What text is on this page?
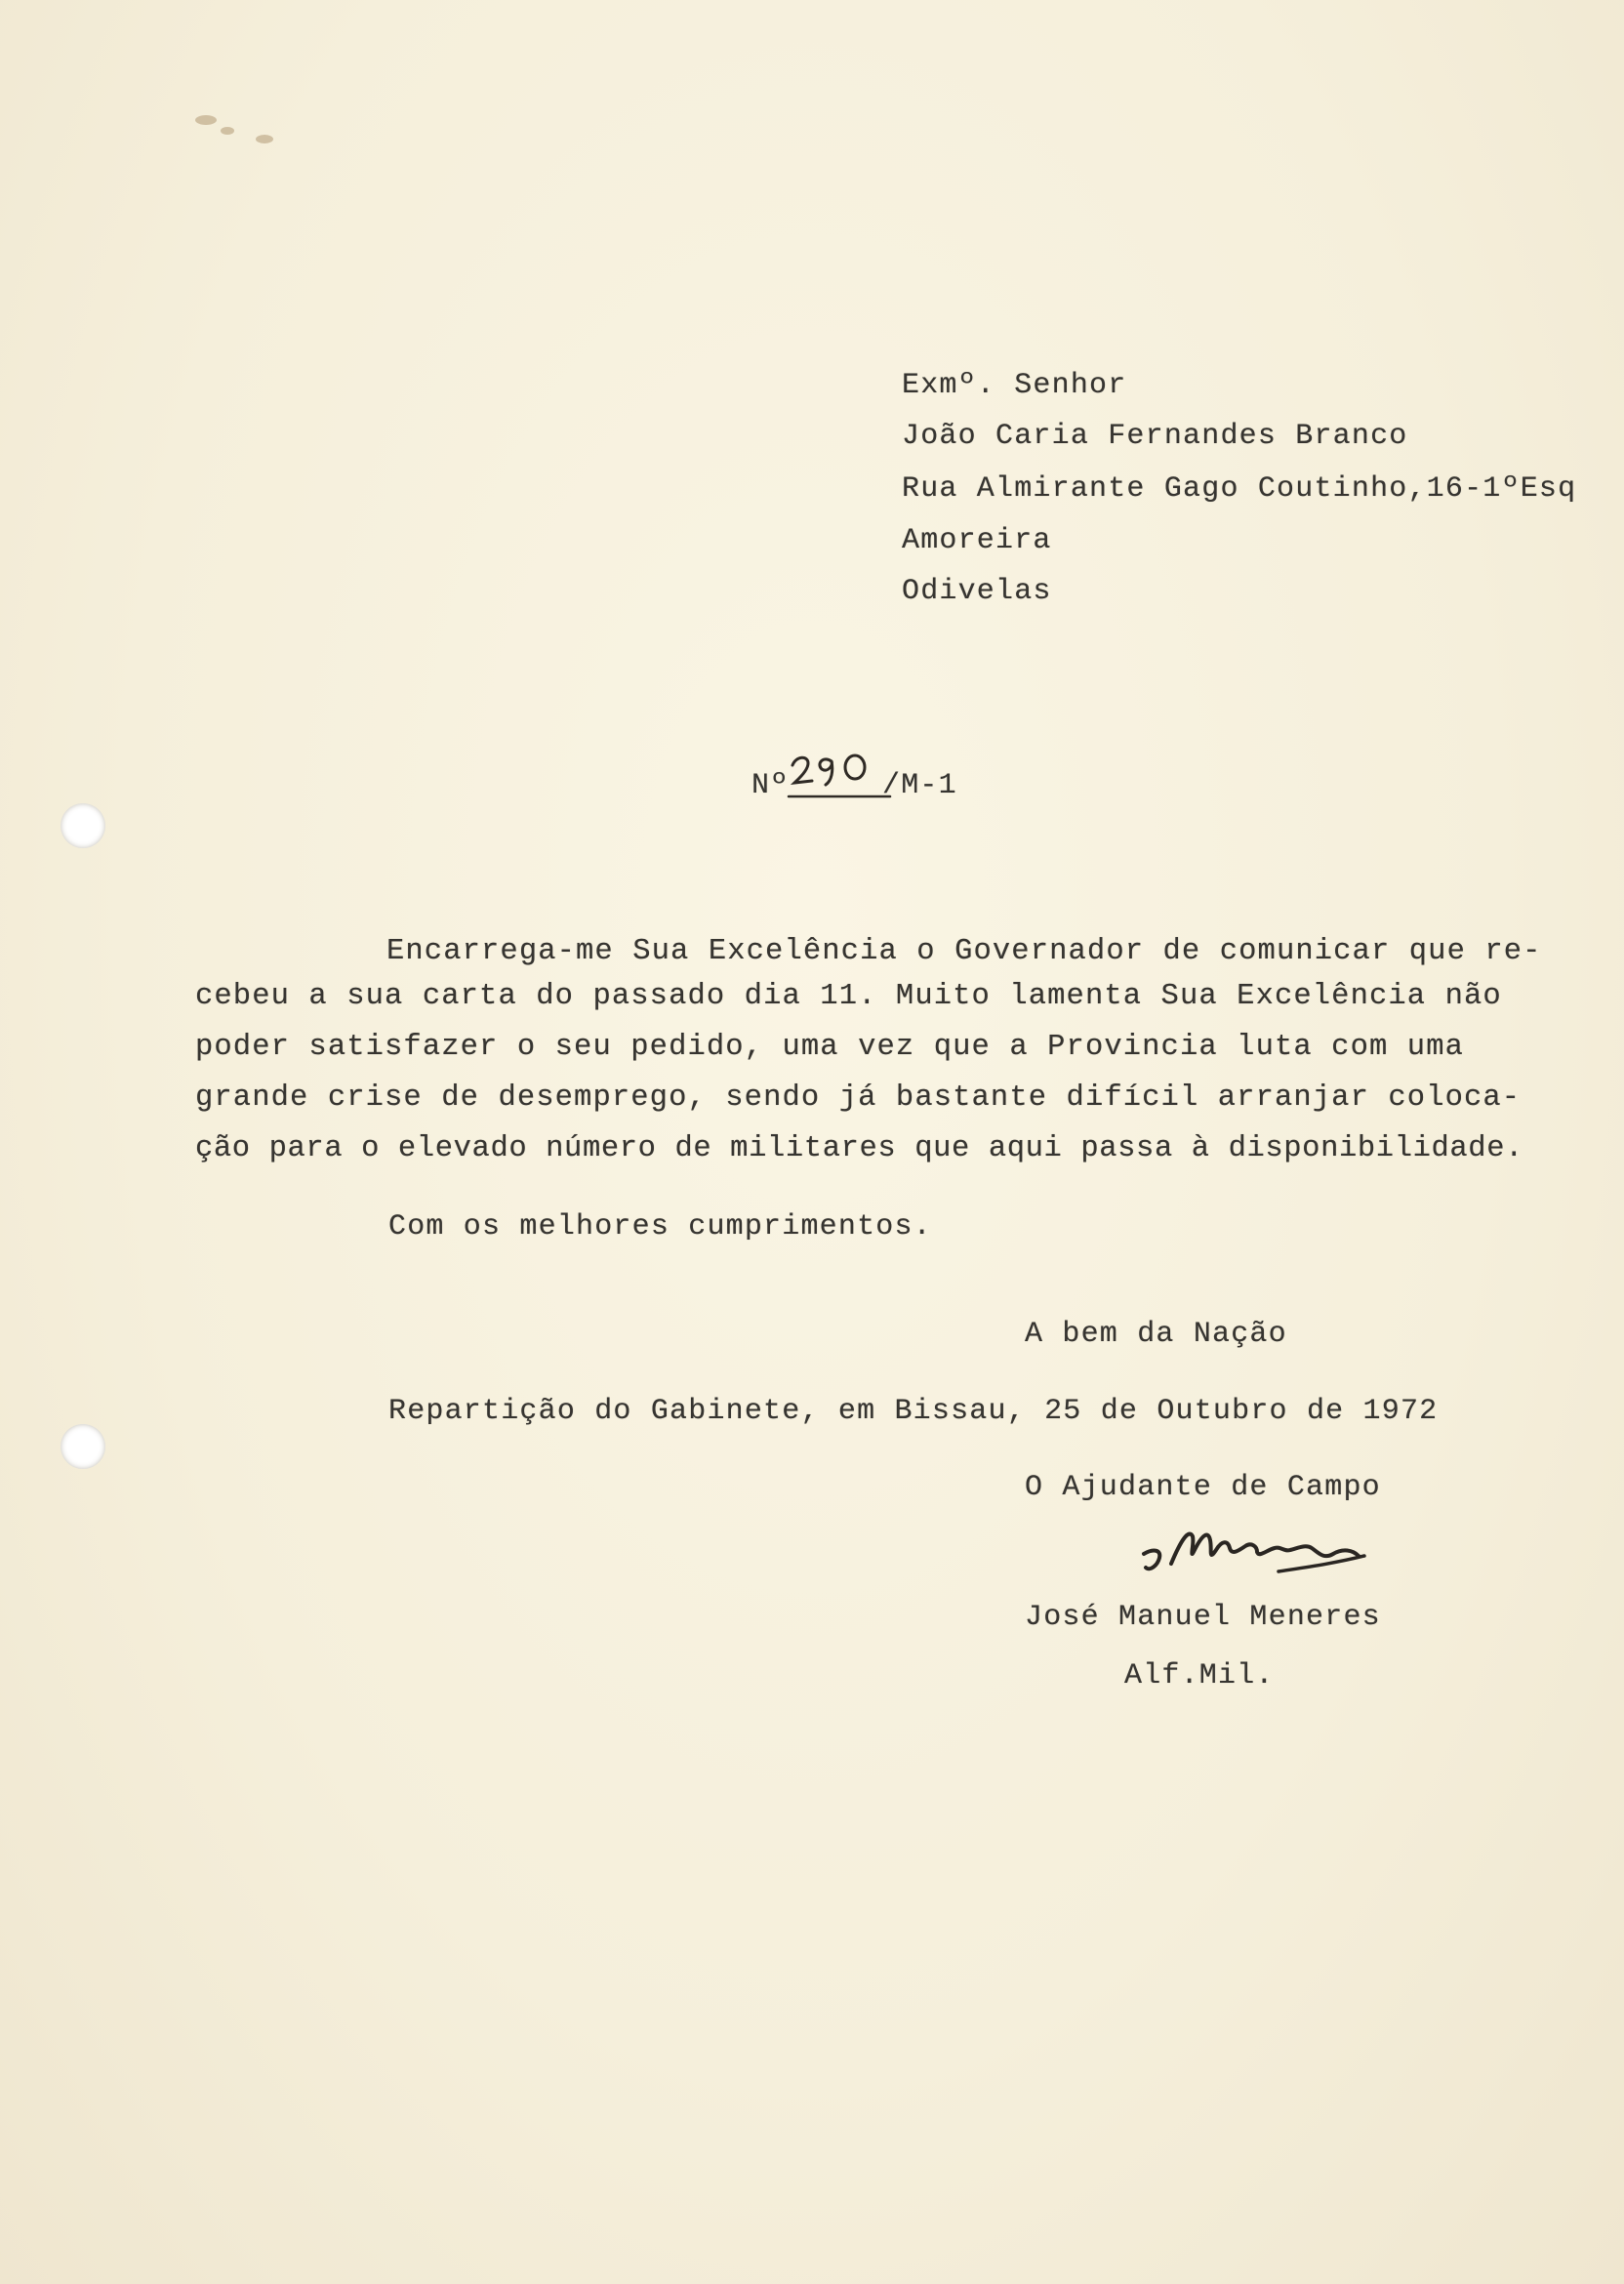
Exmº. Senhor
João Caria Fernandes Branco
Rua Almirante Gago Coutinho,16-1ºEsq
Amoreira
Odivelas
Nº	/M-1
Encarrega-me Sua Excelência o Governador de comunicar que re-
cebeu a sua carta do passado dia 11. Muito lamenta Sua Excelência não
poder satisfazer o seu pedido, uma vez que a Provincia luta com uma
grande crise de desemprego, sendo já bastante difícil arranjar coloca-
ção para o elevado número de militares que aqui passa à disponibilidade.
Com os melhores cumprimentos.
A bem da Nação
Repartição do Gabinete, em Bissau, 25 de Outubro de 1972
O Ajudante de Campo
José Manuel Meneres
Alf.Mil.
